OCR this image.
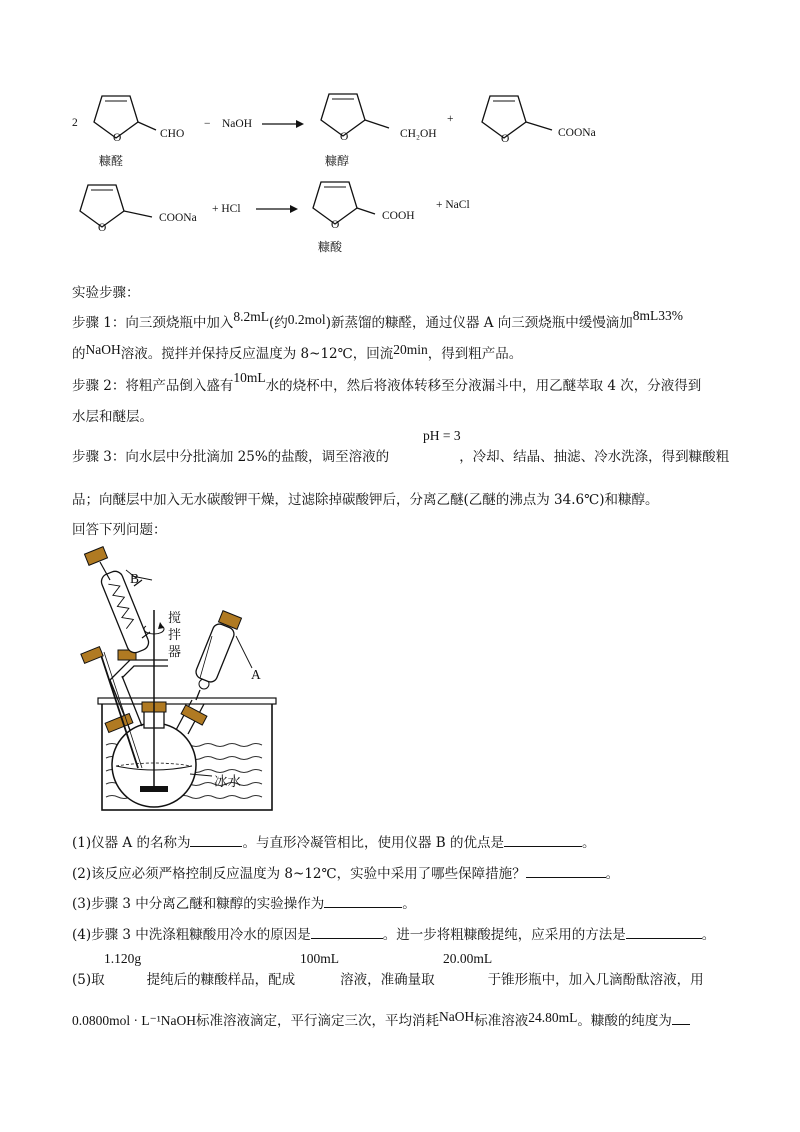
2
O	CHO
糠醛
− NaOH →
O	CH₂OH
糠醇
+
O	COONa
O
COONa
+ HCl →
O
COOH
+ NaCl
糠酸
实验步骤：
步骤 1：向三颈烧瓶中加入8.2mL(约0.2mol)新蒸馏的糠醛，通过仪器 A 向三颈烧瓶中缓慢滴加8mL33%
的NaOH溶液。搅拌并保持反应温度为 8~12℃，回流20min，得到粗产品。
步骤 2：将粗产品倒入盛有10mL水的烧杯中，然后将液体转移至分液漏斗中，用乙醚萃取 4 次，分液得到
水层和醚层。
pH = 3
步骤 3：向水层中分批滴加 25%的盐酸，调至溶液的	，冷却、结晶、抽滤、冷水洗涤，得到糠酸粗
品；向醚层中加入无水碳酸钾干燥，过滤除掉碳酸钾后，分离乙醚(乙醚的沸点为 34.6℃)和糠醇。
回答下列问题：
B
A
搅
拌
器
冰水
(1)仪器 A 的名称为	。与直形冷凝管相比，使用仪器 B 的优点是	。
(2)该反应必须严格控制反应温度为 8~12℃，实验中采用了哪些保障措施？	。
(3)步骤 3 中分离乙醚和糠醇的实验操作为	。
(4)步骤 3 中洗涤粗糠酸用冷水的原因是	。进一步将粗糠酸提纯，应采用的方法是	。
1.120g	100mL	20.00mL
(5)取	提纯后的糠酸样品，配成	溶液，准确量取	于锥形瓶中，加入几滴酚酞溶液，用
0.0800mol · L⁻¹NaOH标准溶液滴定，平行滴定三次，平均消耗NaOH标准溶液24.80mL。糠酸的纯度为
